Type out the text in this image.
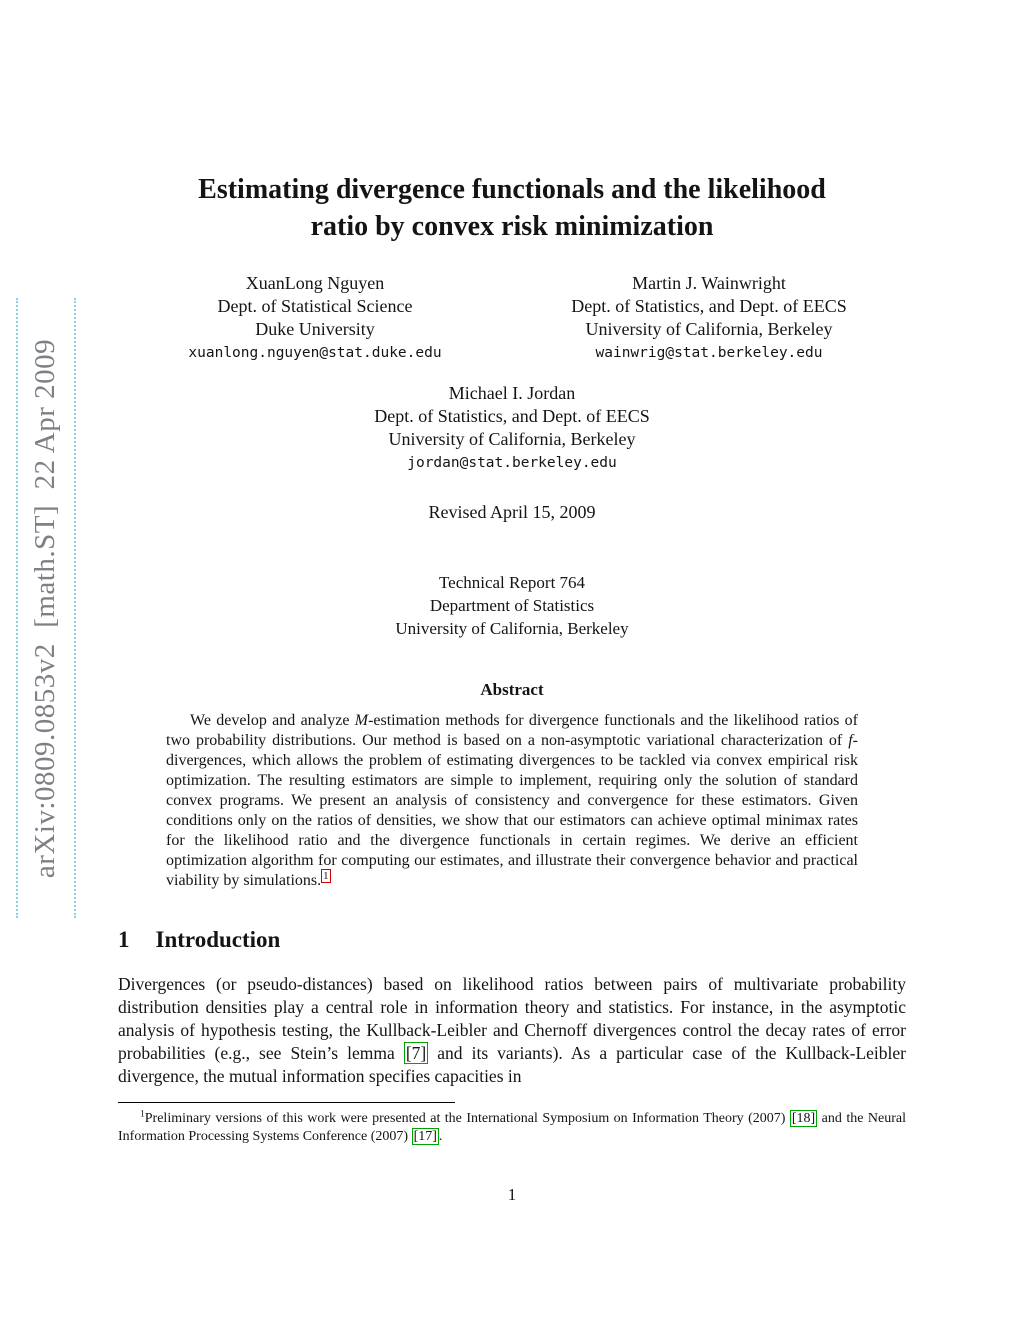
arXiv:0809.0853v2  [math.ST]  22 Apr 2009
Estimating divergence functionals and the likelihood
ratio by convex risk minimization
XuanLong Nguyen
Dept. of Statistical Science
Duke University
xuanlong.nguyen@stat.duke.edu
Martin J. Wainwright
Dept. of Statistics, and Dept. of EECS
University of California, Berkeley
wainwrig@stat.berkeley.edu
Michael I. Jordan
Dept. of Statistics, and Dept. of EECS
University of California, Berkeley
jordan@stat.berkeley.edu

Revised April 15, 2009

Technical Report 764
Department of Statistics
University of California, Berkeley
Abstract

We develop and analyze M-estimation methods for divergence functionals and the likelihood ratios of two probability distributions. Our method is based on a non-asymptotic variational characterization of f-divergences, which allows the problem of estimating divergences to be tackled via convex empirical risk optimization. The resulting estimators are simple to implement, requiring only the solution of standard convex programs. We present an analysis of consistency and convergence for these estimators. Given conditions only on the ratios of densities, we show that our estimators can achieve optimal minimax rates for the likelihood ratio and the divergence functionals in certain regimes. We derive an efficient optimization algorithm for computing our estimates, and illustrate their convergence behavior and practical viability by simulations. $^1$

1 Introduction

Divergences (or pseudo-distances) based on likelihood ratios between pairs of multivariate probability distribution densities play a central role in information theory and statistics. For instance, in the asymptotic analysis of hypothesis testing, the Kullback-Leibler and Chernoff divergences control the decay rates of error probabilities (e.g., see Stein’s lemma [7] and its variants). As a particular case of the Kullback-Leibler divergence, the mutual information specifies capacities in

$^1$Preliminary versions of this work were presented at the International Symposium on Information Theory (2007) [18] and the Neural Information Processing Systems Conference (2007) [17] .

1
